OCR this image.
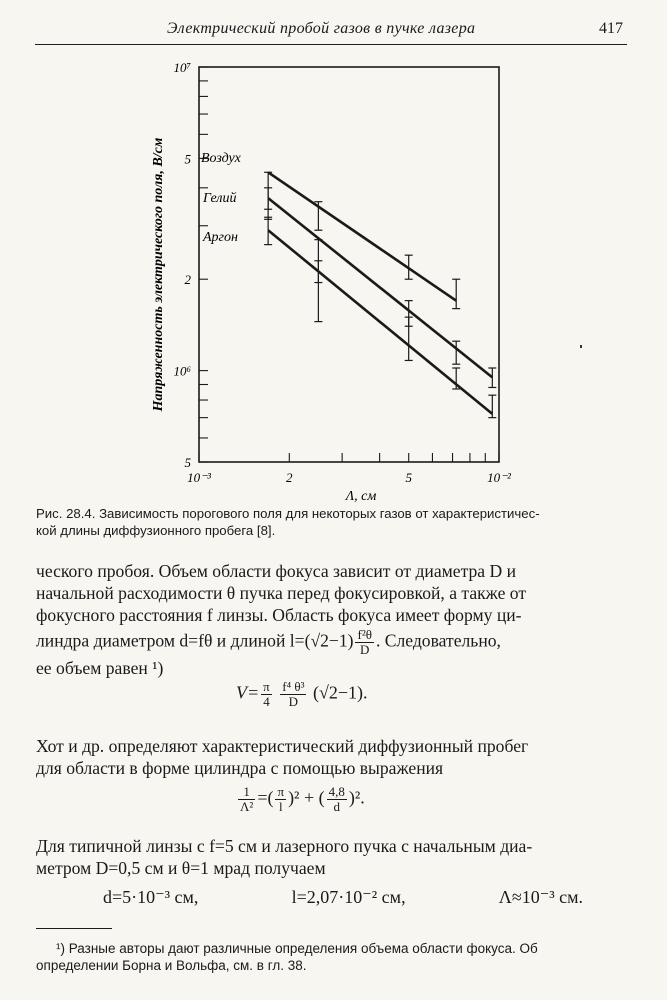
Электрический пробой газов в пучке лазера	417
5
10⁶
2
5
10⁷
10⁻³	2	5	10⁻²
Λ, см
Напряженность электрического поля, В/см	Воздух
Гелий
Аргон
Рис. 28.4. Зависимость порогового поля для некоторых газов от характеристичес-
кой длины диффузионного пробега [8].
ческого пробоя. Объем области фокуса зависит от диаметра D и
начальной расходимости θ пучка перед фокусировкой, а также от
фокусного расстояния f линзы. Область фокуса имеет форму ци-
линдра диаметром d=fθ и длиной $l=(√2-1) \frac{\text{f²θ}}{D}$ . Следовательно,
ее объем равен ¹)
$V= \frac{\pi}{4}$
$\frac{\text{f⁴ θ³}}{D} (√2-1)$.
Хот и др. определяют характеристический диффузионный пробег
для области в форме цилиндра с помощью выражения
$\frac{1}{\text{Λ²}}$ =( $\frac{\pi}{l} )^2$ + ( $\frac{4,8}{d} )^2$.
Для типичной линзы с f=5 см и лазерного пучка с начальным диа-
метром D=0,5 см и θ=1 мрад получаем
d=5·10⁻³ см,	l=2,07·10⁻² см,	Λ≈10⁻³ см.
¹) Разные авторы дают различные определения объема области фокуса. Об
определении Борна и Вольфа, см. в гл. 38.
